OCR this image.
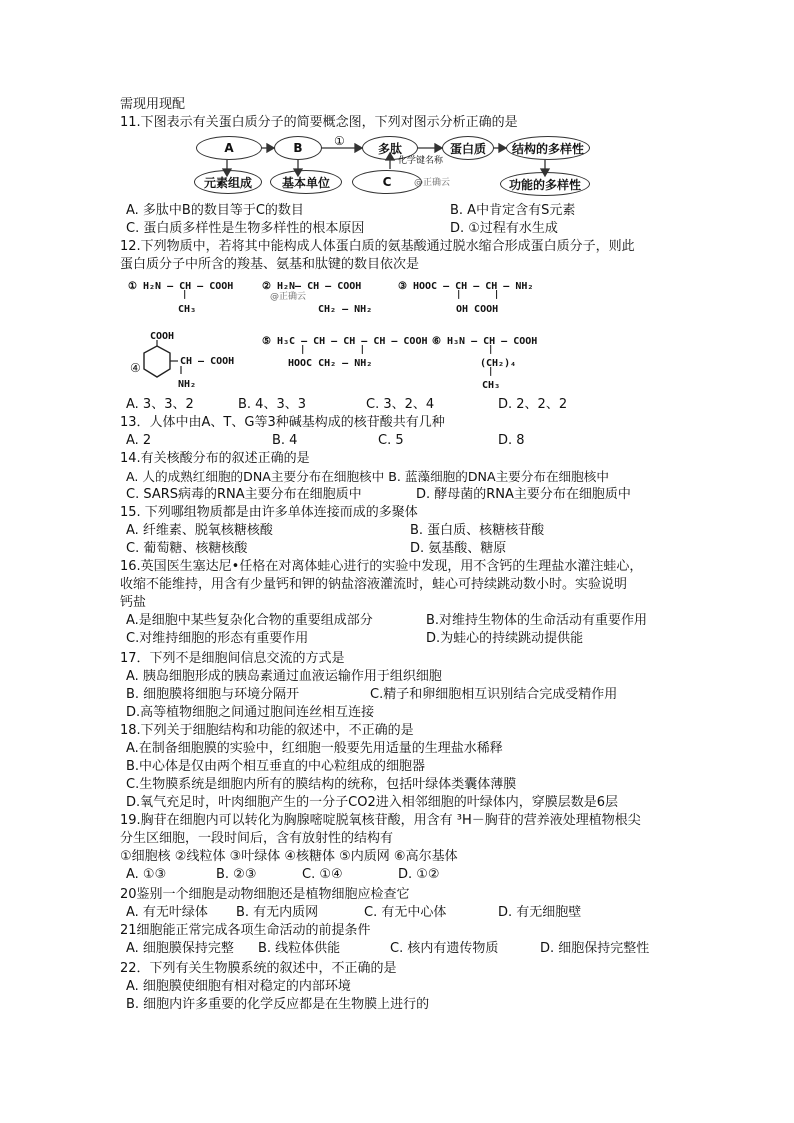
需现用现配
11.下图表示有关蛋白质分子的简要概念图，下列对图示分析正确的是
A	B	①
多肽	蛋白质	结构的多样性
元素组成	基本单位	C
化学键名称
@正确云	功能的多样性
A. 多肽中B的数目等于C的数目	B. A中肯定含有S元素
C. 蛋白质多样性是生物多样性的根本原因	D. ①过程有水生成
12.下列物质中，若将其中能构成人体蛋白质的氨基酸通过脱水缩合形成蛋白质分子，则此
蛋白质分子中所含的羧基、氨基和肽键的数目依次是
① H₂N — CH — COOH
|
CH₃
② H₂N— CH — COOH
@正确云
CH₂ — NH₂
③ HOOC — CH — CH — NH₂
|      |
OH COOH
COOH
④	CH — COOH
NH₂
⑤ H₃C — CH — CH — CH — COOH
|          |
HOOC CH₂ — NH₂
⑥ H₃N — CH — COOH
|
(CH₂)₄
|
CH₃
A. 3、3、2	B. 4、3、3	C. 3、2、4	D. 2、2、2
13．人体中由A、T、G等3种碱基构成的核苷酸共有几种
A. 2	B. 4	C. 5	D. 8
14.有关核酸分布的叙述正确的是
A. 人的成熟红细胞的DNA主要分布在细胞核中 B. 蓝藻细胞的DNA主要分布在细胞核中
C. SARS病毒的RNA主要分布在细胞质中	D. 酵母菌的RNA主要分布在细胞质中
15. 下列哪组物质都是由许多单体连接而成的多聚体
A. 纤维素、脱氧核糖核酸	B. 蛋白质、核糖核苷酸
C. 葡萄糖、核糖核酸	D. 氨基酸、糖原
16.英国医生塞达尼•任格在对离体蛙心进行的实验中发现，用不含钙的生理盐水灌注蛙心，
收缩不能维持，用含有少量钙和钾的钠盐溶液灌流时，蛙心可持续跳动数小时。实验说明
钙盐
A.是细胞中某些复杂化合物的重要组成部分	B.对维持生物体的生命活动有重要作用
C.对维持细胞的形态有重要作用	D.为蛙心的持续跳动提供能
17．下列不是细胞间信息交流的方式是
A. 胰岛细胞形成的胰岛素通过血液运输作用于组织细胞
B. 细胞膜将细胞与环境分隔开	C.精子和卵细胞相互识别结合完成受精作用
D.高等植物细胞之间通过胞间连丝相互连接
18.下列关于细胞结构和功能的叙述中，不正确的是
A.在制备细胞膜的实验中，红细胞一般要先用适量的生理盐水稀释
B.中心体是仅由两个相互垂直的中心粒组成的细胞器
C.生物膜系统是细胞内所有的膜结构的统称，包括叶绿体类囊体薄膜
D.氧气充足时，叶肉细胞产生的一分子CO2进入相邻细胞的叶绿体内，穿膜层数是6层
19.胸苷在细胞内可以转化为胸腺嘧啶脱氧核苷酸，用含有 ³H－胸苷的营养液处理植物根尖
分生区细胞，一段时间后，含有放射性的结构有
①细胞核 ②线粒体 ③叶绿体 ④核糖体 ⑤内质网 ⑥高尔基体
A. ①③	B. ②③	C. ①④	D. ①②
20鉴别一个细胞是动物细胞还是植物细胞应检查它
A. 有无叶绿体 B. 有无内质网	C. 有无中心体	D. 有无细胞壁
21细胞能正常完成各项生命活动的前提条件
A. 细胞膜保持完整 B. 线粒体供能	C. 核内有遗传物质	D. 细胞保持完整性
22．下列有关生物膜系统的叙述中，不正确的是
A. 细胞膜使细胞有相对稳定的内部环境
B. 细胞内许多重要的化学反应都是在生物膜上进行的
